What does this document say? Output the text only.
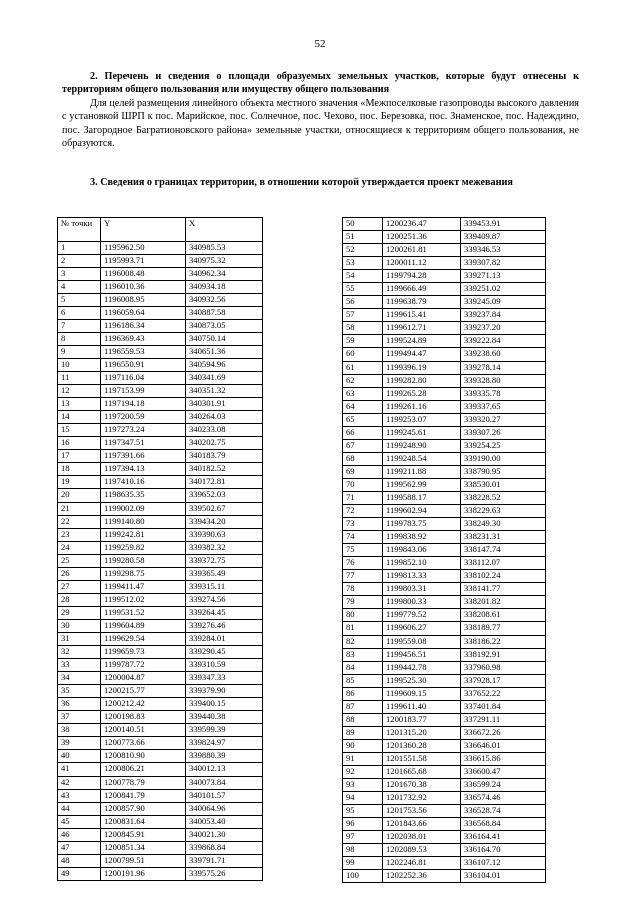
52
2. Перечень и сведения о площади образуемых земельных участков, которые будут отнесены к территориям общего пользования или имуществу общего пользования
Для целей размещения линейного объекта местного значения «Межпоселковые газопроводы высокого давления с установкой ШРП к пос. Марийское, пос. Солнечное, пос. Чехово, пос. Березовка, пос. Знаменское, пос. Надеждино, пос. Загородное Багратионовского района» земельные участки, относящиеся к территориям общего пользования, не образуются.
3. Сведения о границах территории, в отношении которой утверждается проект межевания
№ точки	Y	X
1	1195962.50	340985.53
2	1195993.71	340975.32
3	1196008.48	340962.34
4	1196010.36	340934.18
5	1196008.95	340932.56
6	1196059.64	340887.58
7	1196186.34	340873.05
8	1196369.43	340750.14
9	1196559.53	340651.36
10	1196550.91	340594.96
11	1197116.04	340341.69
12	1197153.99	340351.32
13	1197194.18	340301.91
14	1197200.59	340264.03
15	1197273.24	340233.08
16	1197347.51	340202.75
17	1197391.66	340183.79
18	1197394.13	340182.52
19	1197410.16	340172.81
20	1198635.35	339652.03
21	1199002.09	339502.67
22	1199140.80	339434.20
23	1199242.81	339390.63
24	1199259.82	339382.32
25	1199280.58	339372.75
26	1199298.75	339365.49
27	1199411.47	339315.11
28	1199512.02	339274.56
29	1199531.52	339264.45
30	1199604.89	339276.46
31	1199629.54	339284.01
32	1199659.73	339290.45
33	1199787.72	339310.59
34	1200004.87	339347.33
35	1200215.77	339379.90
36	1200212.42	339400.15
37	1200198.83	339440.38
38	1200140.51	339599.39
39	1200773.66	339824.97
40	1200810.90	339880.39
41	1200806.21	340012.13
42	1200778.79	340073.84
43	1200841.79	340101.57
44	1200857.90	340064.96
45	1200831.64	340053.40
46	1200845.91	340021.30
47	1200851.34	339868.84
48	1200799.51	339791.71
49	1200191.96	339575.26
50	1200236.47	339453.91
51	1200251.36	339409.87
52	1200261.81	339346.53
53	1200011.12	339307.82
54	1199794.28	339271.13
55	1199666.49	339251.02
56	1199638.79	339245.09
57	1199615.41	339237.84
58	1199612.71	339237.20
59	1199524.89	339222.84
60	1199494.47	339238.60
61	1199396.19	339278.14
62	1199282.80	339328.80
63	1199265.28	339335.78
64	1199261.16	339337.65
65	1199253.07	339320.27
66	1199245.61	339307.26
67	1199248.90	339254.25
68	1199248.54	339190.00
69	1199211.88	338790.95
70	1199562.99	338530.01
71	1199588.17	338228.52
72	1199602.94	338229.63
73	1199783.75	338249.30
74	1199838.92	338231.31
75	1199843.06	338147.74
76	1199852.10	338112.07
77	1199813.33	338102.24
78	1199803.31	338141.77
79	1199800.33	338201.82
80	1199779.52	338208.61
81	1199606.27	338189.77
82	1199559.08	338186.22
83	1199456.51	338192.91
84	1199442.78	337960.98
85	1199525.30	337928.17
86	1199609.15	337652.22
87	1199611.40	337401.84
88	1200183.77	337291.11
89	1201315.20	336672.26
90	1201360.28	336646.01
91	1201551.58	336615.86
92	1201665.68	336600.47
93	1201670.38	336599.24
94	1201732.92	336574.46
95	1201753.56	336528.74
96	1201843.66	336568.84
97	1202038.01	336164.41
98	1202089.53	336164.70
99	1202246.81	336107.12
100	1202252.36	336104.01
